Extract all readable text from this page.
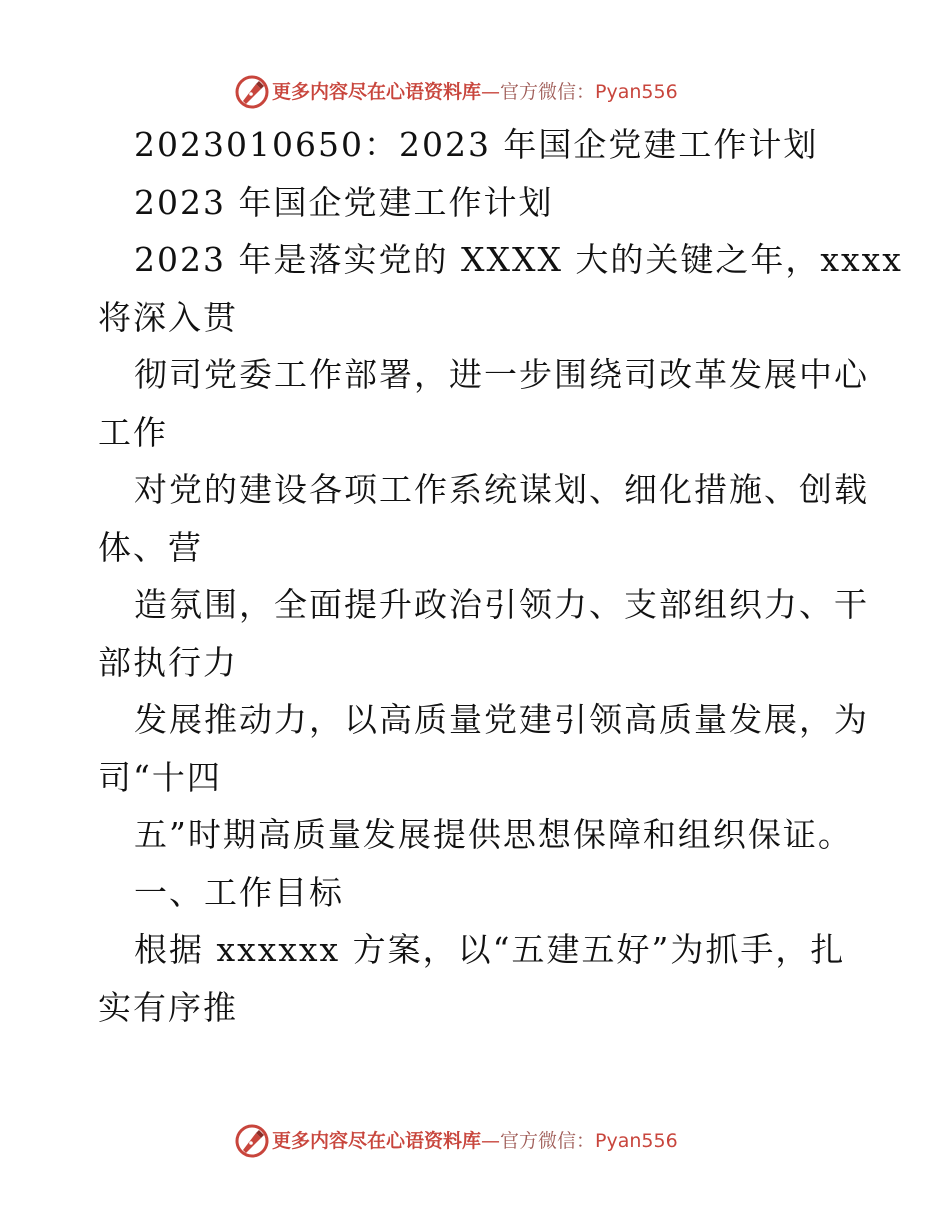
更多内容尽在心语资料库—官方微信：Pyan556
2023010650：2023 年国企党建工作计划
2023 年国企党建工作计划
2023 年是落实党的 XXXX 大的关键之年，xxxx
将深入贯
彻司党委工作部署，进一步围绕司改革发展中心
工作
对党的建设各项工作系统谋划、细化措施、创载
体、营
造氛围，全面提升政治引领力、支部组织力、干
部执行力
发展推动力，以高质量党建引领高质量发展，为
司“十四
五”时期高质量发展提供思想保障和组织保证。
一、工作目标
根据 xxxxxx 方案，以“五建五好”为抓手，扎
实有序推
更多内容尽在心语资料库—官方微信：Pyan556
